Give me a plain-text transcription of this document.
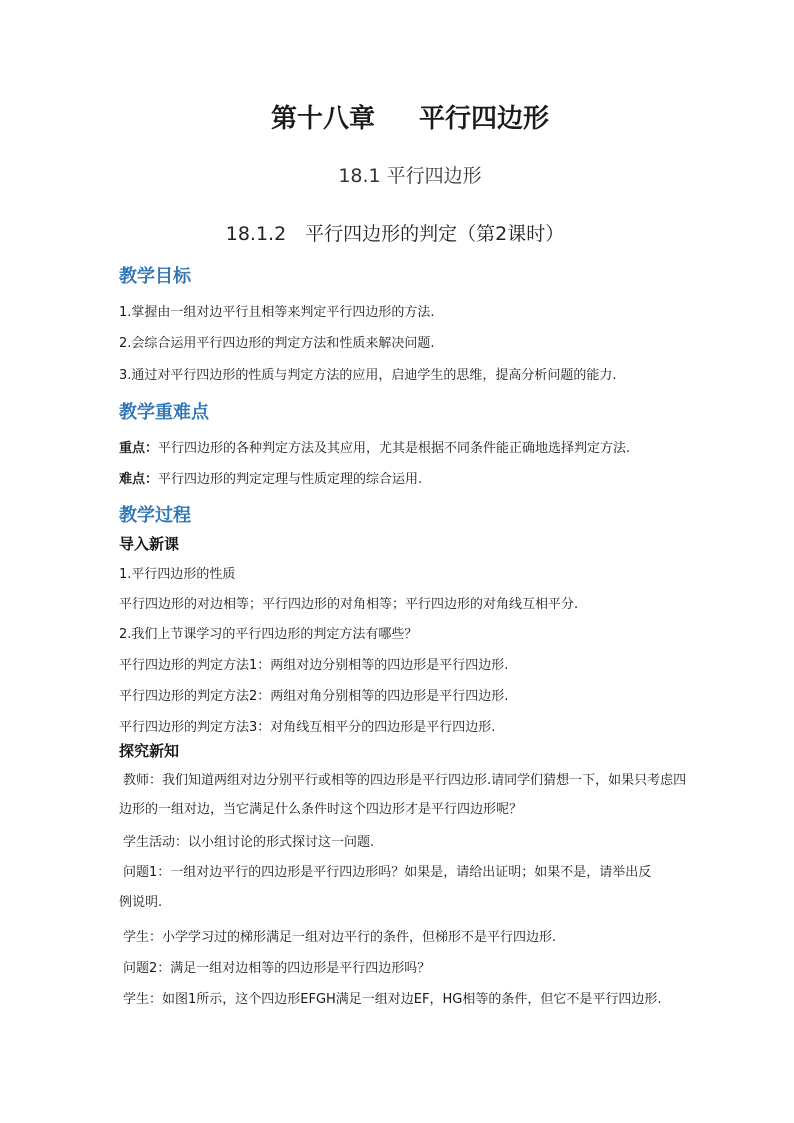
第十八章 平行四边形
18.1 平行四边形
18.1.2　平行四边形的判定（第2课时）
教学目标
1.掌握由一组对边平行且相等来判定平行四边形的方法.
2.会综合运用平行四边形的判定方法和性质来解决问题.
3.通过对平行四边形的性质与判定方法的应用，启迪学生的思维，提高分析问题的能力.
教学重难点
重点：平行四边形的各种判定方法及其应用，尤其是根据不同条件能正确地选择判定方法.
难点：平行四边形的判定定理与性质定理的综合运用.
教学过程
导入新课
1.平行四边形的性质
平行四边形的对边相等；平行四边形的对角相等；平行四边形的对角线互相平分.
2.我们上节课学习的平行四边形的判定方法有哪些？
平行四边形的判定方法1：两组对边分别相等的四边形是平行四边形.
平行四边形的判定方法2：两组对角分别相等的四边形是平行四边形.
平行四边形的判定方法3：对角线互相平分的四边形是平行四边形.
探究新知
教师：我们知道两组对边分别平行或相等的四边形是平行四边形.请同学们猜想一下，如果只考虑四
边形的一组对边，当它满足什么条件时这个四边形才是平行四边形呢？
学生活动：以小组讨论的形式探讨这一问题.
问题1：一组对边平行的四边形是平行四边形吗？如果是，请给出证明；如果不是，请举出反
例说明.
学生：小学学习过的梯形满足一组对边平行的条件，但梯形不是平行四边形.
问题2：满足一组对边相等的四边形是平行四边形吗？
学生：如图1所示，这个四边形EFGH满足一组对边EF，HG相等的条件，但它不是平行四边形.
